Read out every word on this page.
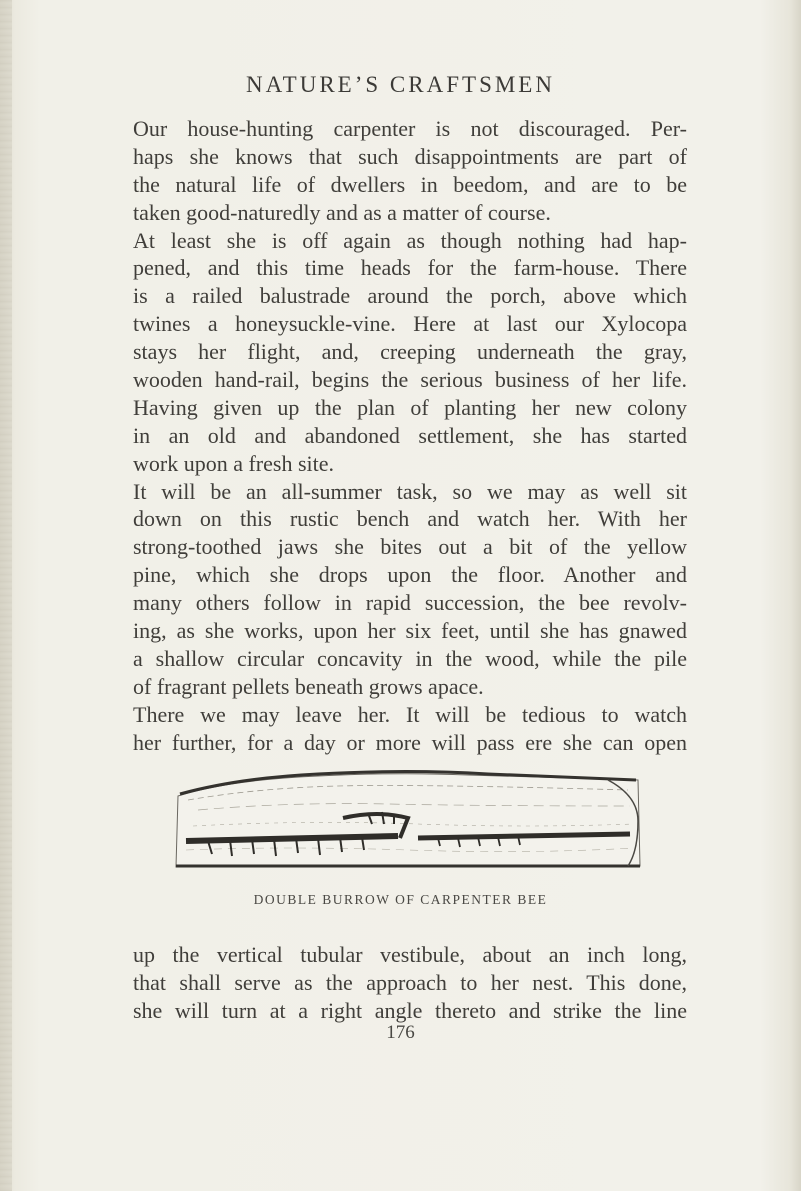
NATURE’S CRAFTSMEN
Our house-hunting carpenter is not discouraged. Per-
haps she knows that such disappointments are part of
the natural life of dwellers in beedom, and are to be
taken good-naturedly and as a matter of course.
At least she is off again as though nothing had hap-
pened, and this time heads for the farm-house. There
is a railed balustrade around the porch, above which
twines a honeysuckle-vine. Here at last our Xylocopa
stays her flight, and, creeping underneath the gray,
wooden hand-rail, begins the serious business of her life.
Having given up the plan of planting her new colony
in an old and abandoned settlement, she has started
work upon a fresh site.
It will be an all-summer task, so we may as well sit
down on this rustic bench and watch her. With her
strong-toothed jaws she bites out a bit of the yellow
pine, which she drops upon the floor. Another and
many others follow in rapid succession, the bee revolv-
ing, as she works, upon her six feet, until she has gnawed
a shallow circular concavity in the wood, while the pile
of fragrant pellets beneath grows apace.
There we may leave her. It will be tedious to watch
her further, for a day or more will pass ere she can open
DOUBLE BURROW OF CARPENTER BEE
up the vertical tubular vestibule, about an inch long,
that shall serve as the approach to her nest. This done,
she will turn at a right angle thereto and strike the line
176
